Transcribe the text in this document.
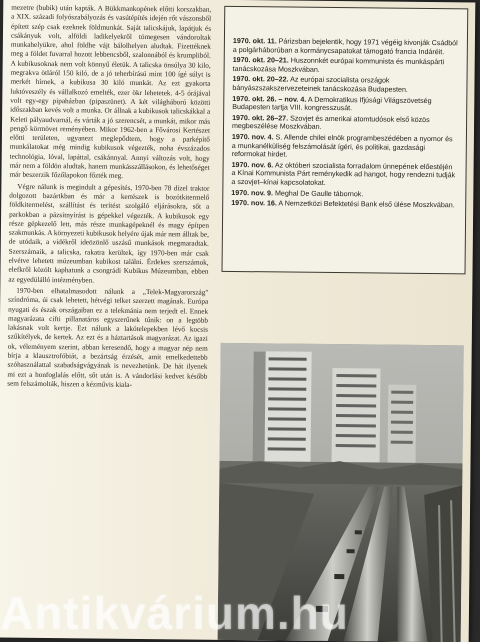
mezetre (bubik) után kapták. A Bükkmankopének előtti korszakban, a XIX. századi folyószabályozás és vasútépítés idején rőt vászonsből épített szép csak ezeknek földmunkát. Saját talicskájuk, lapátjuk és csákányuk volt, alföldi ladikelyekről tömegesen vándoroltak munkahelyükre, ahol földhe vájt bálolhelyen aludtak. Fizettéknek meg a földet fuvarral hozott lebbencsből, szalonnából és krumpliból. A kubikusoknak nem volt könnyű életük. A talicska önsúlya 30 kilo, megrakva ötláról 150 kiló, de a jó teherbírású mint 100 ígé súlyt is merkét hírnek, a kubikusa 30 kiló munkát. Az ezt gyakorta luktóveszély és vállalkozó emelték, ezer ökr lehetetek. 4-5 órájával volt egy-egy pipaházban (pipaszünet). A két világháború közötti időszakban kevés volt a munka. Or állnak a kubikusok talicskákkal a Keleti pályaudvarnál, és várták a jó szerencsét, a munkát, mikor más pengő körmövet reményében. Mikor 1962-ben a Fővárosi Kertészet előtti területen, ugyanezt meglepődtem, hogy a parképítő munkálatokat még mindig kubikusok végezték, noha évszázados technológia, lóval, lapáttal, csákánnyal. Annyi változás volt, hogy már nem a földön aludtak, hanem munkásszállásokon, és lehetőséget már beszerzik főzőlapokon főzték meg.

Végre nálunk is megindult a gépesítés, 1970-ben 78 dízel traktor dolgozott bazártkban és már a kertészek is bozótkitermelő földkitermelést, szállítást és terítést szolgáló eljárásokra, sőt a parkokban a pázsitnyírást is gépekkel végezték. A kubikusok egy része gépkezelő lett, más része munkagépeknél és magy építpen szakmunkás. A környezeti kubikusok helyére újak már nem álltak be, de utódaik, a vidékről ideözönlő uszásű munkások megmaradtak. Szerszámaik, a talicska, rakatra kerültek, így 1970-ben már csak elvétve lehetett múzeumban kubikost találni. Érdekes szerszámok, elefkről közölt kaphatunk a csongrádi Kubikus Múzeumban, ebben az egyedülálló intézményben.

1970-ben elhatalmasodott nálunk a „Telek-Magyarország" színdróma, úi csak lehetett, hétvégi telket szerzett magának. Európa nyugati és észak országaiban ez a telekmánia nem terjedt el. Ennek magyarázata cifti pillanatáros egyszerűnek tűnik: on a legtöbb lakásnak volt kertje. Ezt nálunk a lakótelepekben lévő kocsis szűkítélyek, de kertek. Az ezt és a háztartások magyarázat. Az igazi ok, véleményem szerint, abban keresendő, hogy a magyar nép nem bírja a klausztrofóbiát, a bezártság érzését, amit emelkedettebb szóhasználattal szabadságvágyának is nevezhetünk. De hát ilyenek mi ezt a honfoglalás előtt, sőt után is. A vándorlási kedvet később sem felszámolták, hiszen a kézművis kiala-

1970. okt. 11. Párizsban bejelentik, hogy 1971 végéig kivonják Csádból a polgárháborúban a kormánycsapatokat támogató francia Indáréit.
1970. okt. 20–21. Huszonnkét európai kommunista és munkáspárti tanácskozása Moszkvában.
1970. okt. 20–22. Az európai szocialista országok bányászszakszervezeteinek tanácskozása Budapesten.
1970. okt. 26. – nov. 4. A Demokratikus Ifjúsági Világszövetség Budapesten tartja VIII. kongresszusát.
1970. okt. 26–27. Szovjet és amerikai atomtudósok első közös megbeszélése Moszkvában.
1970. nov. 4. S. Allende chilei elnök programbeszédében a nyomor és a munkanélküliség felszámolását ígéri, és politikai, gazdasági reformokat hirdet.
1970. nov. 6. Az októberi szocialista forradalom ünnepének előestéjén a Kínai Kommunista Párt reménykedik ad hangot, hogy rendezni tudják a szovjet–kínai kapcsolatokat.
1970. nov. 9. Meghal De Gaulle tábornok.
1970. nov. 16. A Nemzetközi Befektetési Bank első ülése Moszkvában.
Antikvárium.hu
